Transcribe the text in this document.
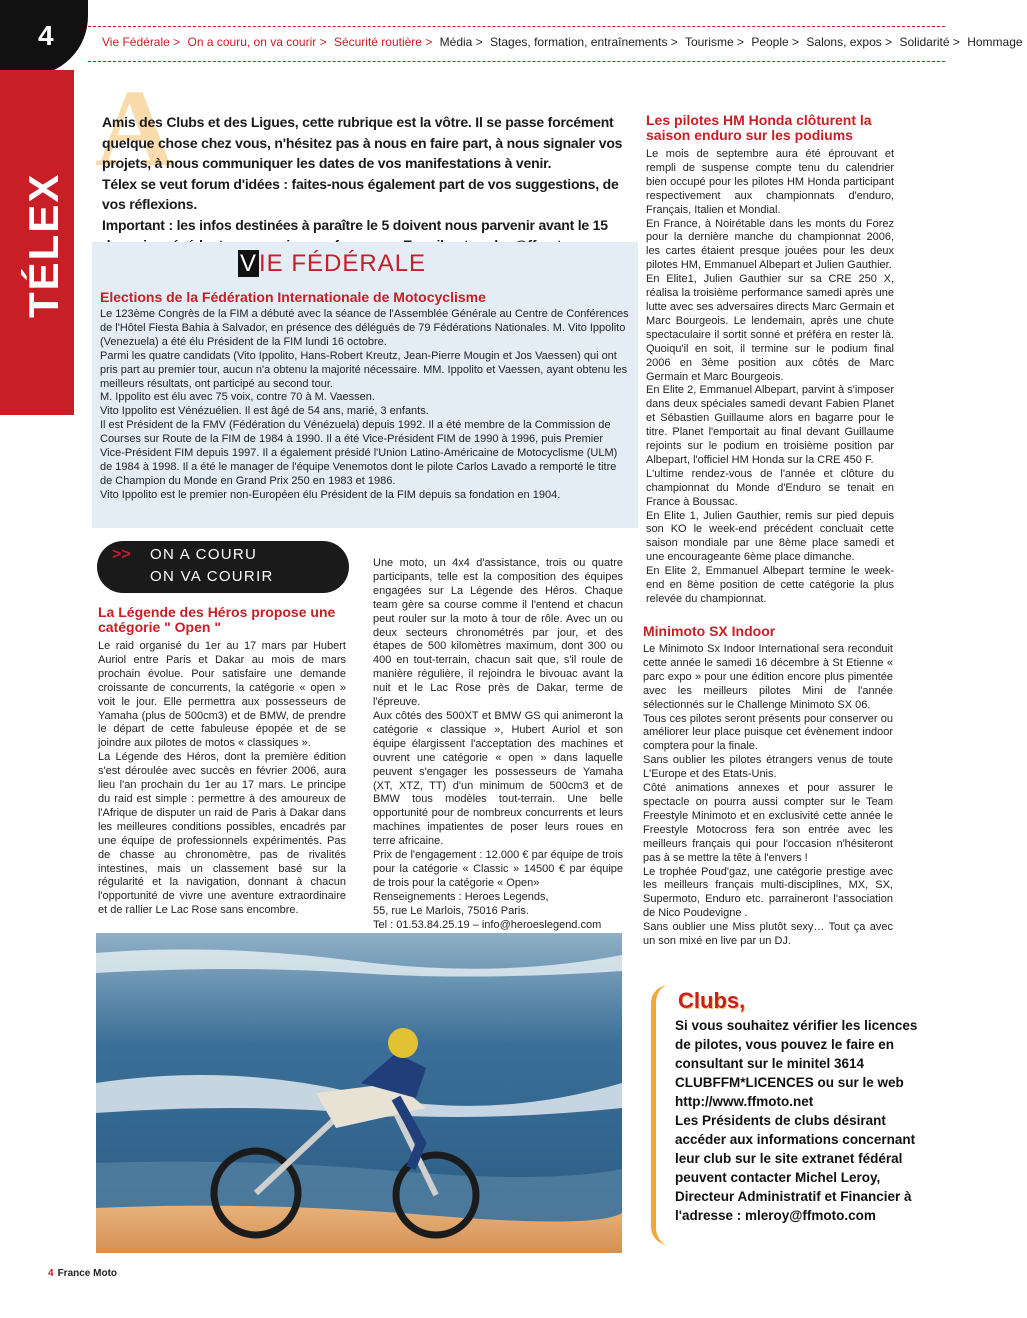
4
TÉLEX
Vie Fédérale > On a couru, on va courir > Sécurité routière > Média > Stages, formation, entraînements > Tourisme > People > Salons, expos > Solidarité > Hommage
A

Amis des Clubs et des Ligues, cette rubrique est la vôtre. Il se passe forcément quelque chose chez vous, n'hésitez pas à nous en faire part, à nous signaler vos projets, à nous communiquer les dates de vos manifestations à venir.

Télex se veut forum d'idées : faites-nous également part de vos suggestions, de vos réflexions.

Important : les infos destinées à paraître le 5 doivent nous parvenir avant le 15

VIE FÉDÉRALE
Elections de la Fédération Internationale de Motocyclisme

Le 123ème Congrès de la FIM a débuté avec la séance de l'Assemblée Générale au Centre de Conférences de l'Hôtel Fiesta Bahia à Salvador, en présence des délégués de 79 Fédérations Nationales. M. Vito Ippolito (Venezuela) a été élu Président de la FIM lundi 16 octobre.

Parmi les quatre candidats (Vito Ippolito, Hans-Robert Kreutz, Jean-Pierre Mougin et Jos Vaessen) qui ont pris part au premier tour, aucun n'a obtenu la majorité nécessaire. MM. Ippolito et Vaessen, ayant obtenu les meilleurs résultats, ont participé au second tour.

M. Ippolito est élu avec 75 voix, contre 70 à M. Vaessen.

Vito Ippolito est Vénézuélien. Il est âgé de 54 ans, marié, 3 enfants.

Il est Président de la FMV (Fédération du Vénézuela) depuis 1992. Il a été membre de la Commission de Courses sur Route de la FIM de 1984 à 1990. Il a été Vice-Président FIM de 1990 à 1996, puis Premier Vice-Président FIM depuis 1997. Il a également présidé l'Union Latino-Américaine de Motocyclisme (ULM) de 1984 à 1998. Il a été le manager de l'équipe Venemotos dont le pilote Carlos Lavado a remporté le titre de Champion du Monde en Grand Prix 250 en 1983 et 1986.

Vito Ippolito est le premier non-Européen élu Président de la FIM depuis sa fondation en 1904.

>> ON A COURU
ON VA COURIR
La Légende des Héros propose une catégorie " Open "

Le raid organisé du 1er au 17 mars par Hubert Auriol entre Paris et Dakar au mois de mars prochain évolue. Pour satisfaire une demande croissante de concurrents, la catégorie « open » voit le jour. Elle permettra aux possesseurs de Yamaha (plus de 500cm3) et de BMW, de prendre le départ de cette fabuleuse épopée et de se joindre aux pilotes de motos « classiques ».

La Légende des Héros, dont la première édition s'est déroulée avec succès en février 2006, aura lieu l'an prochain du 1er au 17 mars. Le principe du raid est simple : permettre à des amoureux de l'Afrique de disputer un raid de Paris à Dakar dans les meilleures conditions possibles, encadrés par une équipe de professionnels expérimentés. Pas de chasse au chronomètre, pas de rivalités intestines, mais un classement basé sur la régularité et la navigation, donnant à chacun l'opportunité de vivre une aventure extraordinaire et de rallier Le Lac Rose sans encombre.

Une moto, un 4x4 d'assistance, trois ou quatre participants, telle est la composition des équipes engagées sur La Légende des Héros. Chaque team gère sa course comme il l'entend et chacun peut rouler sur la moto à tour de rôle. Avec un ou deux secteurs chronométrés par jour, et des étapes de 500 kilomètres maximum, dont 300 ou 400 en tout-terrain, chacun sait que, s'il roule de manière régulière, il rejoindra le bivouac avant la nuit et le Lac Rose près de Dakar, terme de l'épreuve.

Aux côtés des 500XT et BMW GS qui animeront la catégorie « classique », Hubert Auriol et son équipe élargissent l'acceptation des machines et ouvrent une catégorie « open » dans laquelle peuvent s'engager les possesseurs de Yamaha (XT, XTZ, TT) d'un minimum de 500cm3 et de BMW tous modèles tout-terrain. Une belle opportunité pour de nombreux concurrents et leurs machines impatientes de poser leurs roues en terre africaine.

Prix de l'engagement : 12.000 € par équipe de trois pour la catégorie « Classic » 14500 € par équipe de trois pour la catégorie « Open»

Renseignements : Heroes Legends,

55, rue Le Marlois, 75016 Paris.

Tel : 01.53.84.25.19 – info@heroeslegend.com

Les pilotes HM Honda clôturent la saison enduro sur les podiums

Le mois de septembre aura été éprouvant et rempli de suspense compte tenu du calendrier bien occupé pour les pilotes HM Honda participant respectivement aux championnats d'enduro, Français, Italien et Mondial.

En France, à Noirétable dans les monts du Forez pour la dernière manche du championnat 2006, les cartes étaient presque jouées pour les deux pilotes HM, Emmanuel Albepart et Julien Gauthier.

En Elite1, Julien Gauthier sur sa CRE 250 X, réalisa la troisième performance samedi après une lutte avec ses adversaires directs Marc Germain et Marc Bourgeois. Le lendemain, après une chute spectaculaire il sortit sonné et préféra en rester là. Quoiqu'il en soit, il termine sur le podium final 2006 en 3ème position aux côtés de Marc Germain et Marc Bourgeois.

En Elite 2, Emmanuel Albepart, parvint à s'imposer dans deux spéciales samedi devant Fabien Planet et Sébastien Guillaume alors en bagarre pour le titre. Planet l'emportait au final devant Guillaume rejoints sur le podium en troisième position par Albepart, l'officiel HM Honda sur la CRE 450 F.

L'ultime rendez-vous de l'année et clôture du championnat du Monde d'Enduro se tenait en France à Boussac.

En Elite 1, Julien Gauthier, remis sur pied depuis son KO le week-end précédent concluait cette saison mondiale par une 8ème place samedi et une encourageante 6ème place dimanche.

En Elite 2, Emmanuel Albepart termine le week-end en 8ème position de cette catégorie la plus relevée du championnat.

Minimoto SX Indoor

Le Minimoto Sx Indoor International sera reconduit cette année le samedi 16 décembre à St Etienne « parc expo » pour une édition encore plus pimentée avec les meilleurs pilotes Mini de l'année sélectionnés sur le Challenge Minimoto SX 06.

Tous ces pilotes seront présents pour conserver ou améliorer leur place puisque cet évènement indoor comptera pour la finale.

Sans oublier les pilotes étrangers venus de toute L'Europe et des Etats-Unis.

Côté animations annexes et pour assurer le spectacle on pourra aussi compter sur le Team Freestyle Minimoto et en exclusivité cette année le Freestyle Motocross fera son entrée avec les meilleurs français qui pour l'occasion n'hésiteront pas à se mettre la tête à l'envers !

Le trophée Poud'gaz, une catégorie prestige avec les meilleurs français multi-disciplines, MX, SX, Supermoto, Enduro etc. parraineront l'association de Nico Poudevigne .

Sans oublier une Miss plutôt sexy… Tout ça avec un son mixé en live par un DJ.

Clubs,

Si vous souhaitez vérifier les licences de pilotes, vous pouvez le faire en consultant sur le minitel 3614 CLUBFFM*LICENCES ou sur le web http://www.ffmoto.net

Les Présidents de clubs désirant accéder aux informations concernant leur club sur le site extranet fédéral peuvent contacter Michel Leroy, Directeur Administratif et Financier à l'adresse : mleroy@ffmoto.com

4 France Moto
